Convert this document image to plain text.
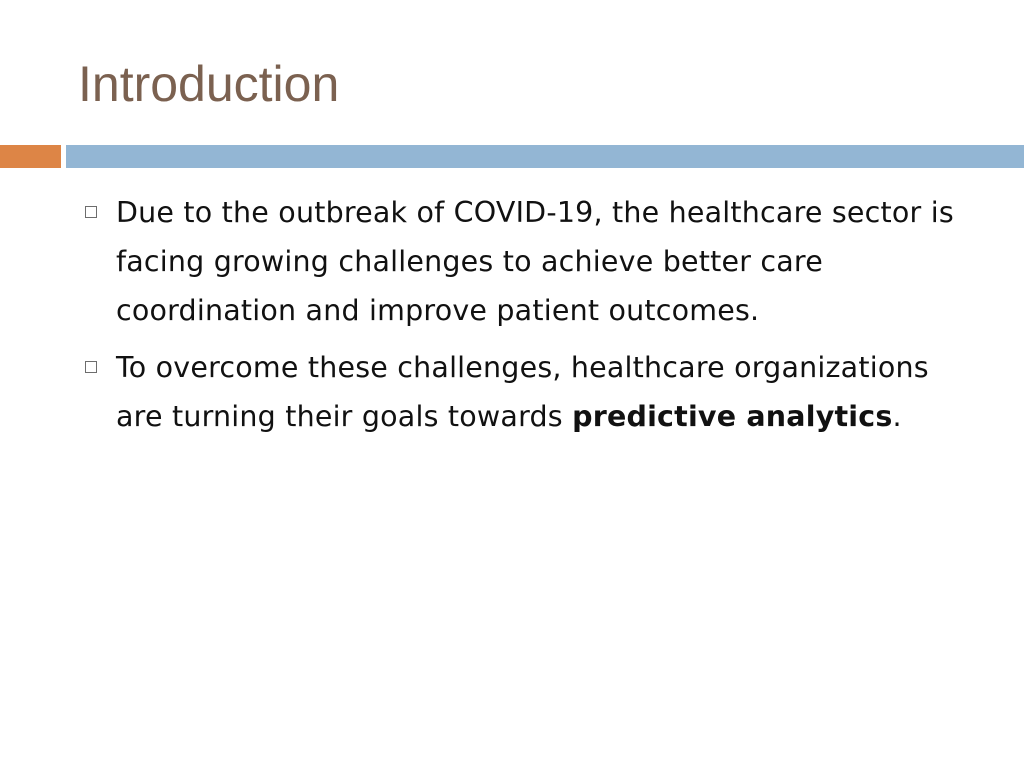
Introduction
Due to the outbreak of COVID-19, the healthcare sector is facing growing challenges to achieve better care coordination and improve patient outcomes.
To overcome these challenges, healthcare organizations are turning their goals towards predictive analytics.
